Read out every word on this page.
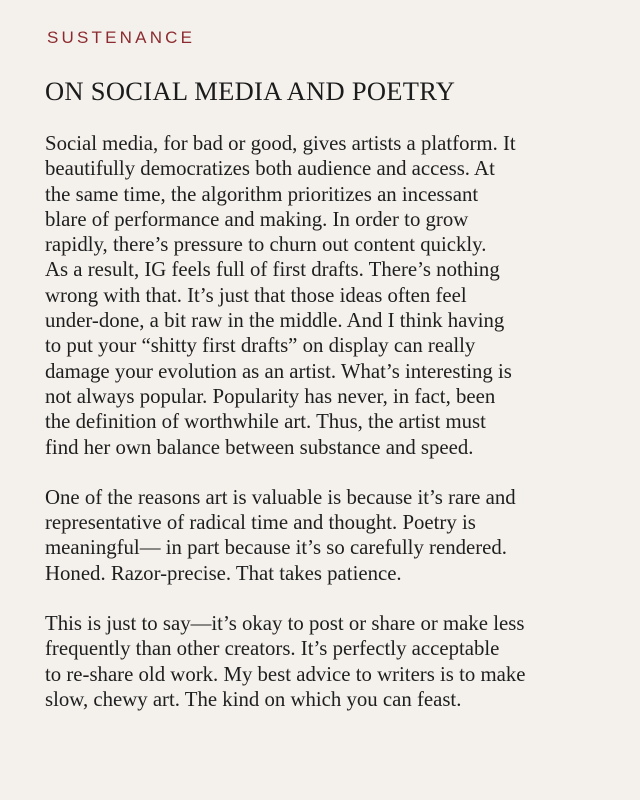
SUSTENANCE
ON SOCIAL MEDIA AND POETRY

Social media, for bad or good, gives artists a platform. It
beautifully democratizes both audience and access. At
the same time, the algorithm prioritizes an incessant
blare of performance and making. In order to grow
rapidly, there’s pressure to churn out content quickly.
As a result, IG feels full of first drafts. There’s nothing
wrong with that. It’s just that those ideas often feel
under-done, a bit raw in the middle. And I think having
to put your “shitty first drafts” on display can really
damage your evolution as an artist. What’s interesting is
not always popular. Popularity has never, in fact, been
the definition of worthwhile art. Thus, the artist must
find her own balance between substance and speed.

One of the reasons art is valuable is because it’s rare and
representative of radical time and thought. Poetry is
meaningful— in part because it’s so carefully rendered.
Honed. Razor-precise. That takes patience.

This is just to say—it’s okay to post or share or make less
frequently than other creators. It’s perfectly acceptable
to re-share old work. My best advice to writers is to make
slow, chewy art. The kind on which you can feast.
